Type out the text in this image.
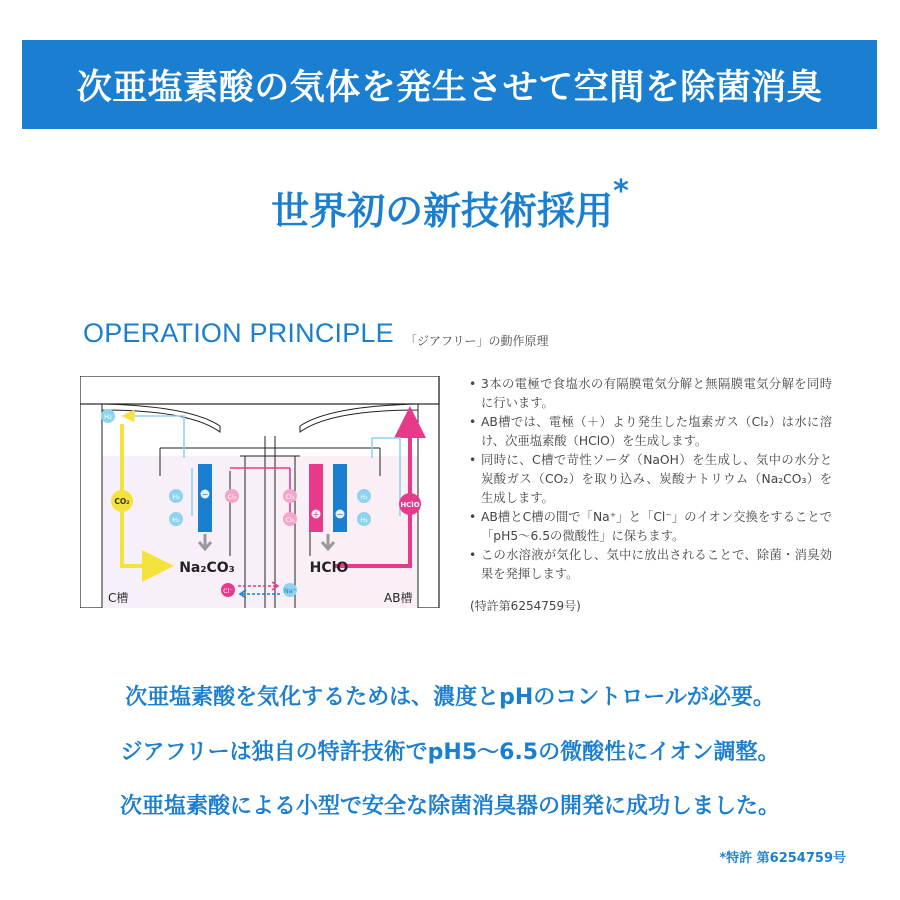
次亜塩素酸の気体を発生させて空間を除菌消臭
世界初の新技術採用*
OPERATION PRINCIPLE 「ジアフリー」の動作原理
H₂
CO₂
−
H₂
H₂
Cl₂
+
Cl₂
Cl₂
−
H₂
H₂
HClO
Na₂CO₃	HClO
Cl⁻	Na⁺
C槽	AB槽
• 3本の電極で食塩水の有隔膜電気分解と無隔膜電気分解を同時に行います。
• AB槽では、電極（＋）より発生した塩素ガス（Cl₂）は水に溶け、次亜塩素酸（HClO）を生成します。
• 同時に、C槽で苛性ソーダ（NaOH）を生成し、気中の水分と炭酸ガス（CO₂）を取り込み、炭酸ナトリウム（Na₂CO₃）を生成します。
• AB槽とC槽の間で「Na⁺」と「Cl⁻」のイオン交換をすることで「pH5～6.5の微酸性」に保ちます。
• この水溶液が気化し、気中に放出されることで、除菌・消臭効果を発揮します。
(特許第6254759号)
次亜塩素酸を気化するためは、濃度とpHのコントロールが必要。
ジアフリーは独自の特許技術でpH5～6.5の微酸性にイオン調整。
次亜塩素酸による小型で安全な除菌消臭器の開発に成功しました。
*特許 第6254759号
